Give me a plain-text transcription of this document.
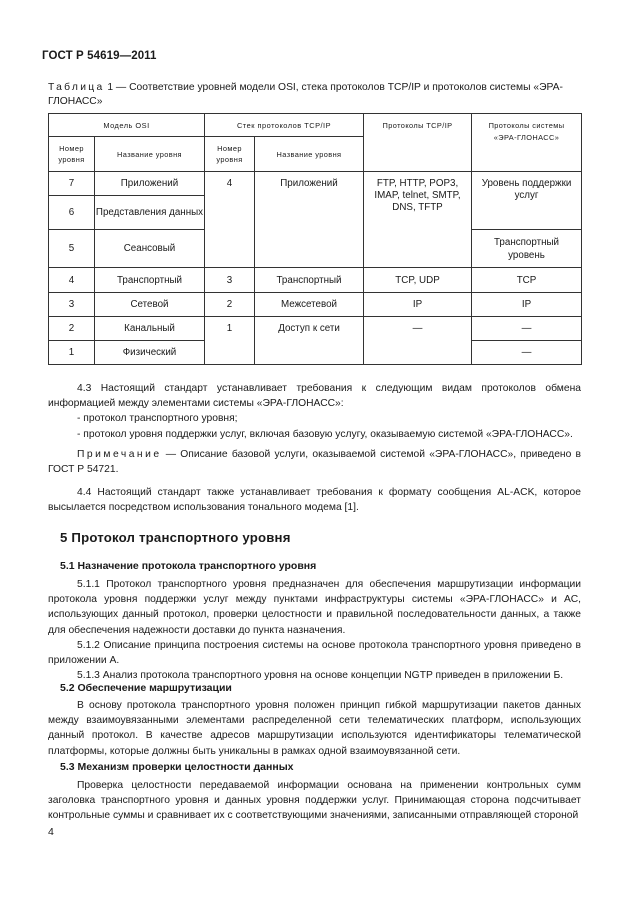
ГОСТ Р 54619—2011
Таблица 1 — Соответствие уровней модели OSI, стека протоколов TCP/IP и протоколов системы «ЭРА-
ГЛОНАСС»
Модель OSI		Стек протоколов TCP/IP		Протоколы TCP/IP	Протоколы системы «ЭРА-ГЛОНАСС»
Номер уровня	Название уровня	Номер уровня	Название уровня		
7	Приложений	4	Приложений	FTP, HTTP, POP3, IMAP, telnet, SMTP, DNS, TFTP	Уровень поддержки услуг
6	Представления данных				
5	Сеансовый				Транспортный уровень
4	Транспортный	3	Транспортный	TCP, UDP	TCP
3	Сетевой	2	Межсетевой	IP	IP
2	Канальный	1	Доступ к сети	—	—
1	Физический				—

4.3 Настоящий стандарт устанавливает требования к следующим видам протоколов обмена информацией между элементами системы «ЭРА-ГЛОНАСС»:

- протокол транспортного уровня;

- протокол уровня поддержки услуг, включая базовую услугу, оказываемую системой «ЭРА-ГЛОНАСС».

Примечание — Описание базовой услуги, оказываемой системой «ЭРА-ГЛОНАСС», приведено в ГОСТ Р 54721.

4.4 Настоящий стандарт также устанавливает требования к формату сообщения AL-ACK, которое высылается посредством использования тонального модема [1].

5 Протокол транспортного уровня
5.1 Назначение протокола транспортного уровня

5.1.1 Протокол транспортного уровня предназначен для обеспечения маршрутизации информации протокола уровня поддержки услуг между пунктами инфраструктуры системы «ЭРА-ГЛОНАСС» и АС, использующих данный протокол, проверки целостности и правильной последовательности данных, а также для обеспечения надежности доставки до пункта назначения.

5.1.2 Описание принципа построения системы на основе протокола транспортного уровня приведено в приложении А.

5.1.3 Анализ протокола транспортного уровня на основе концепции NGTP приведен в приложении Б.

5.2 Обеспечение маршрутизации

В основу протокола транспортного уровня положен принцип гибкой маршрутизации пакетов данных между взаимоувязанными элементами распределенной сети телематических платформ, использующих данный протокол. В качестве адресов маршрутизации используются идентификаторы телематической платформы, которые должны быть уникальны в рамках одной взаимоувязанной сети.

5.3 Механизм проверки целостности данных

Проверка целостности передаваемой информации основана на применении контрольных сумм заголовка транспортного уровня и данных уровня поддержки услуг. Принимающая сторона подсчитывает контрольные суммы и сравнивает их с соответствующими значениями, записанными отправляющей стороной

4
